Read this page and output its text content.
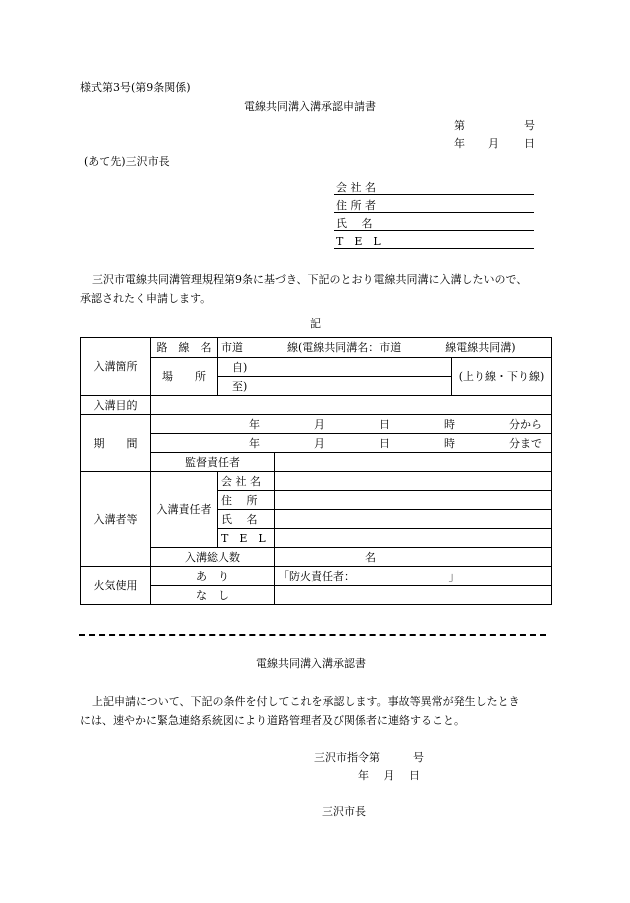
様式第3号(第9条関係)
電線共同溝入溝承認申請書
第	号
年 月 日
(あて先)三沢市長
会 社 名
住 所 者
氏　 名
T　E　L
三沢市電線共同溝管理規程第9条に基づき、下記のとおり電線共同溝に入溝したいので、
承認されたく申請します。
記
入溝箇所	路　線　名	市道　　　　線(電線共同溝名：市道　　　　線電線共同溝)		
	場　　所	自)		(上り線・下り線)
		至)		
入溝目的				
期　　間	年 月 日 時 分から			

	年 月 日 時 分まで			

	監督責任者			
入溝者等	入溝責任者	会 社 名		
		住　 所		
		氏　 名		
		T　E　L		
	入溝総人数		名	
火気使用	あ　り		「防火責任者：　　　　　　　　　」	
	な　し			
電線共同溝入溝承認書
上記申請について、下記の条件を付してこれを承認します。事故等異常が発生したとき
には、速やかに緊急連絡系統図により道路管理者及び関係者に連絡すること。
三沢市指令第　　　号
年　 月　 日
三沢市長
